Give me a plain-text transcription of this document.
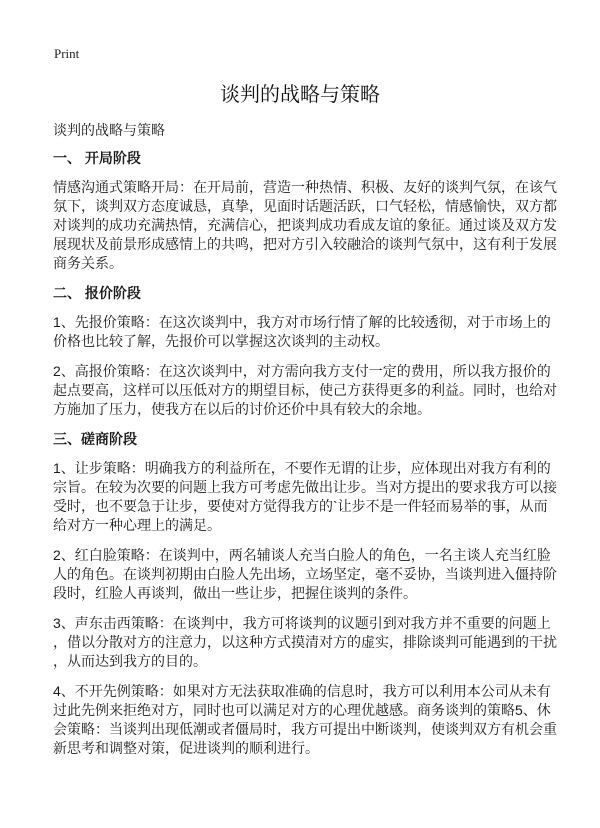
Print
谈判的战略与策略
谈判的战略与策略
一、 开局阶段
情感沟通式策略开局：在开局前，营造一种热情、积极、友好的谈判气氛，在该气
氛下，谈判双方态度诚恳，真挚，见面时话题活跃，口气轻松，情感愉快，双方都
对谈判的成功充满热情，充满信心，把谈判成功看成友谊的象征。通过谈及双方发
展现状及前景形成感情上的共鸣，把对方引入较融洽的谈判气氛中，这有利于发展
商务关系。
二、 报价阶段
1、先报价策略：在这次谈判中，我方对市场行情了解的比较透彻，对于市场上的
价格也比较了解，先报价可以掌握这次谈判的主动权。
2、高报价策略：在这次谈判中，对方需向我方支付一定的费用，所以我方报价的
起点要高，这样可以压低对方的期望目标，使己方获得更多的利益。同时，也给对
方施加了压力，使我方在以后的讨价还价中具有较大的余地。
三、磋商阶段
1、让步策略：明确我方的利益所在，不要作无谓的让步，应体现出对我方有利的
宗旨。在较为次要的问题上我方可考虑先做出让步。当对方提出的要求我方可以接
受时，也不要急于让步，要使对方觉得我方的`让步不是一件轻而易举的事，从而
给对方一种心理上的满足。
2、红白脸策略：在谈判中，两名辅谈人充当白脸人的角色，一名主谈人充当红脸
人的角色。在谈判初期由白脸人先出场，立场坚定，毫不妥协，当谈判进入僵持阶
段时，红脸人再谈判，做出一些让步，把握住谈判的条件。
3、声东击西策略：在谈判中，我方可将谈判的议题引到对我方并不重要的问题上
，借以分散对方的注意力，以这种方式摸清对方的虚实，排除谈判可能遇到的干扰
，从而达到我方的目的。
4、不开先例策略：如果对方无法获取准确的信息时，我方可以利用本公司从未有
过此先例来拒绝对方，同时也可以满足对方的心理优越感。商务谈判的策略5、休
会策略：当谈判出现低潮或者僵局时，我方可提出中断谈判，使谈判双方有机会重
新思考和调整对策，促进谈判的顺利进行。
